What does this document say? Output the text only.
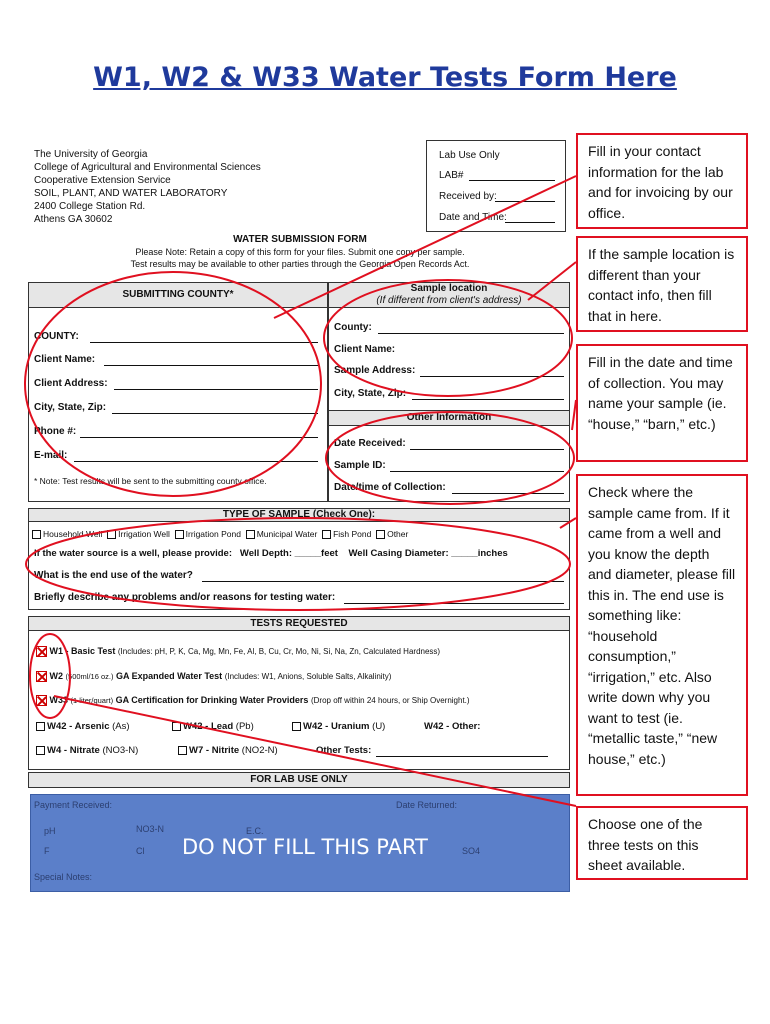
W1, W2 & W33 Water Tests Form Here
The University of Georgia
College of Agricultural and Environmental Sciences
Cooperative Extension Service
SOIL, PLANT, AND WATER LABORATORY
2400 College Station Rd.
Athens GA 30602
Lab Use Only
LAB#
Received by:
Date and Time:
WATER SUBMISSION FORM
Please Note: Retain a copy of this form for your files. Submit one copy per sample.
Test results may be available to other parties through the Georgia Open Records Act.
SUBMITTING COUNTY*
COUNTY:
Client Name:
Client Address:
City, State, Zip:
Phone #:
E-mail:
* Note: Test results will be sent to the submitting county office.
Sample location
(If different from client's address)
County:
Client Name:
Sample Address:
City, State, Zip:
Other Information
Date Received:
Sample ID:
Date/time of Collection:
TYPE OF SAMPLE (Check One):
Household Well Irrigation Well Irrigation Pond Municipal Water Fish Pond Other
If the water source is a well, please provide: Well Depth: _____feet Well Casing Diameter: _____inches
What is the end use of the water?
Briefly describe any problems and/or reasons for testing water:
TESTS REQUESTED
W1 - Basic Test (Includes: pH, P, K, Ca, Mg, Mn, Fe, Al, B, Cu, Cr, Mo, Ni, Si, Na, Zn, Calculated Hardness)
W2 (500ml/16 oz.) GA Expanded Water Test (Includes: W1, Anions, Soluble Salts, Alkalinity)
W33 (1 liter/quart) GA Certification for Drinking Water Providers (Drop off within 24 hours, or Ship Overnight.)
W42 - Arsenic (As)	W42 - Lead (Pb)	W42 - Uranium (U)	W42 - Other:
W4 - Nitrate (NO3-N)	W7 - Nitrite (NO2-N)	Other Tests:
FOR LAB USE ONLY
Payment Received:	Date Returned:
pH	NO3-N	E.C.
F	Cl	SO4
Special Notes:
DO NOT FILL THIS PART
Fill in your contact information for the lab and for invoicing by our office.
If the sample location is different than your contact info, then fill that in here.
Fill in the date and time of collection. You may name your sample (ie. “house,” “barn,” etc.)
Check where the sample came from. If it came from a well and you know the depth and diameter, please fill this in. The end use is something like: “household consumption,” “irrigation,” etc. Also write down why you want to test (ie. “metallic taste,” “new house,” etc.)
Choose one of the three tests on this sheet available.
